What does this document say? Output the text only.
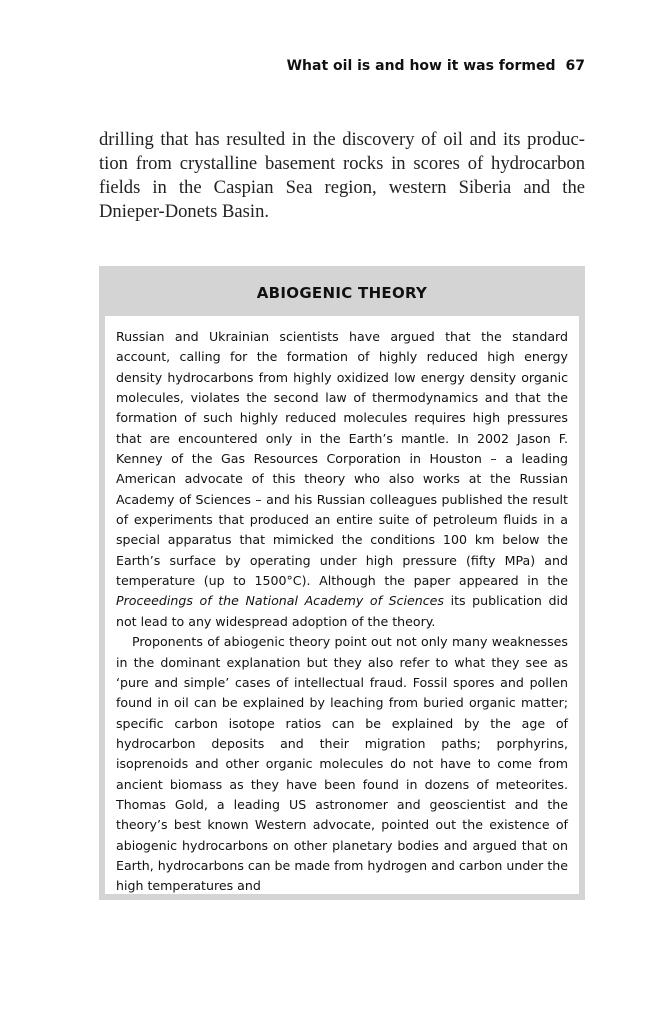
What oil is and how it was formed 67
drilling that has resulted in the discovery of oil and its production from crystalline basement rocks in scores of hydrocarbon fields in the Caspian Sea region, western Siberia and the Dnieper-Donets Basin.
ABIOGENIC THEORY

Russian and Ukrainian scientists have argued that the standard account, calling for the formation of highly reduced high energy density hydrocarbons from highly oxidized low energy density organic molecules, violates the second law of thermodynamics and that the formation of such highly reduced molecules requires high pressures that are encountered only in the Earth’s mantle. In 2002 Jason F. Kenney of the Gas Resources Corporation in Houston – a leading American advocate of this theory who also works at the Russian Academy of Sciences – and his Russian colleagues published the result of experiments that produced an entire suite of petroleum fluids in a special apparatus that mimicked the conditions 100 km below the Earth’s surface by operating under high pressure (fifty MPa) and temperature (up to 1500°C). Although the paper appeared in the Proceedings of the National Academy of Sciences its publication did not lead to any widespread adoption of the theory.

Proponents of abiogenic theory point out not only many weaknesses in the dominant explanation but they also refer to what they see as ‘pure and simple’ cases of intellectual fraud. Fossil spores and pollen found in oil can be explained by leaching from buried organic matter; specific carbon isotope ratios can be explained by the age of hydrocarbon deposits and their migration paths; porphyrins, isoprenoids and other organic molecules do not have to come from ancient biomass as they have been found in dozens of meteorites. Thomas Gold, a leading US astronomer and geoscientist and the theory’s best known Western advocate, pointed out the existence of abiogenic hydrocarbons on other planetary bodies and argued that on Earth, hydrocarbons can be made from hydrogen and carbon under the high temperatures and
